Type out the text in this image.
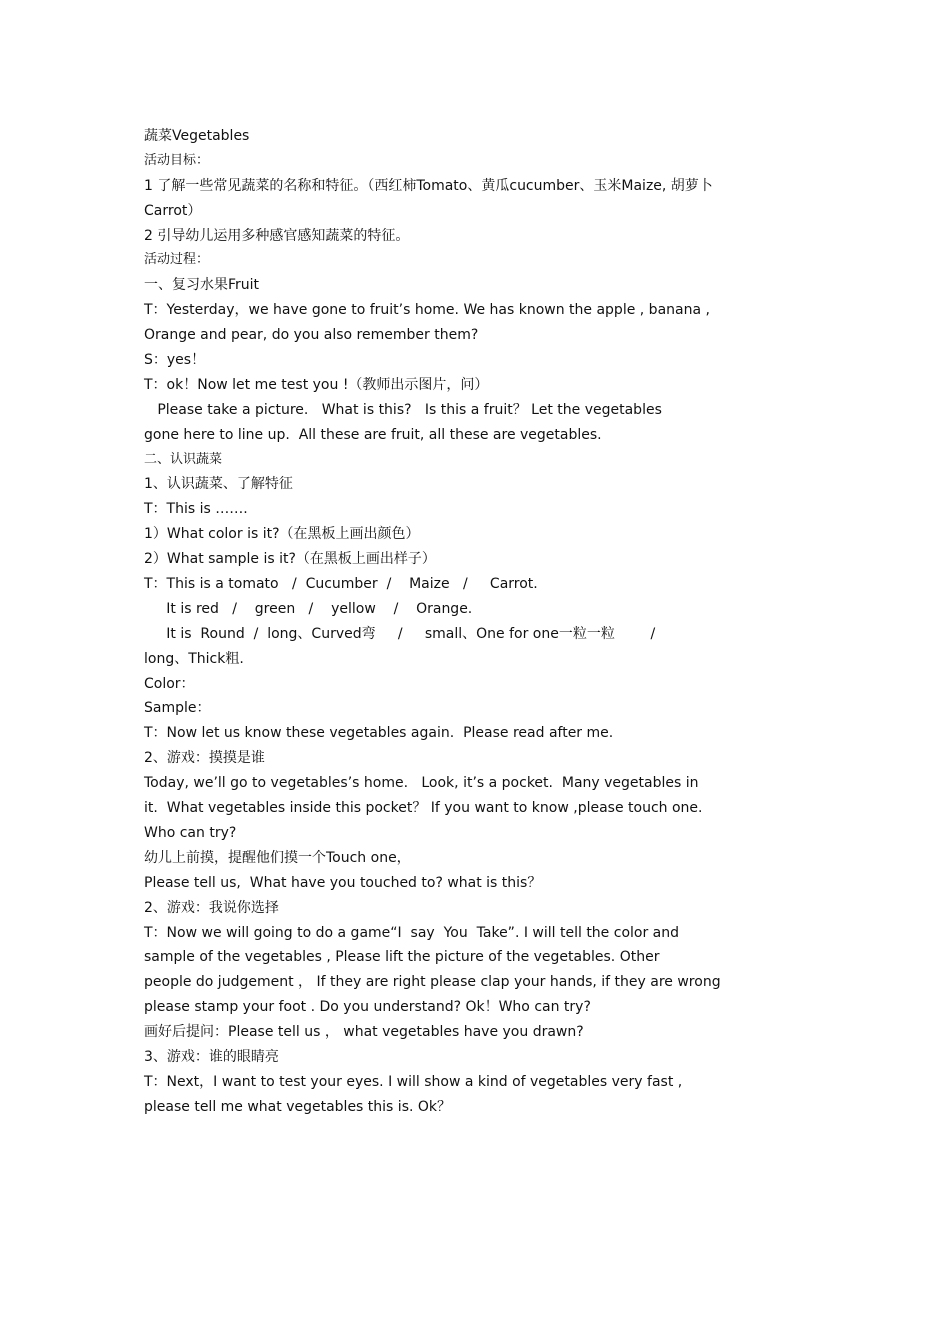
蔬菜Vegetables
活动目标：
1 了解一些常见蔬菜的名称和特征。（西红柿Tomato、黄瓜cucumber、玉米Maize, 胡萝卜
Carrot）
2 引导幼儿运用多种感官感知蔬菜的特征。
活动过程：
一、复习水果Fruit
T：Yesterday，we have gone to fruit’s home. We has known the apple , banana ,
Orange and pear, do you also remember them?
S：yes！
T：ok！Now let me test you !（教师出示图片，问）
Please take a picture.   What is this?   Is this a fruit？ Let the vegetables
gone here to line up.  All these are fruit, all these are vegetables.
二、认识蔬菜
1、认识蔬菜、了解特征
T：This is …….
1）What color is it?（在黑板上画出颜色）
2）What sample is it?（在黑板上画出样子）
T：This is a tomato   /  Cucumber  /    Maize   /     Carrot.
It is red   /    green   /    yellow    /    Orange.
It is  Round  /  long、Curved弯     /     small、One for one一粒一粒        /
long、Thick粗.
Color：
Sample：
T：Now let us know these vegetables again.  Please read after me.
2、游戏：摸摸是谁
Today, we’ll go to vegetables’s home.   Look, it’s a pocket.  Many vegetables in
it.  What vegetables inside this pocket？ If you want to know ,please touch one.
Who can try?
幼儿上前摸，提醒他们摸一个Touch one，
Please tell us,  What have you touched to? what is this？
2、游戏：我说你选择
T：Now we will going to do a game“I  say  You  Take”. I will tell the color and
sample of the vegetables , Please lift the picture of the vegetables. Other
people do judgement ， If they are right please clap your hands, if they are wrong
please stamp your foot . Do you understand? Ok！Who can try?
画好后提问：Please tell us ， what vegetables have you drawn?
3、游戏：谁的眼睛亮
T：Next，I want to test your eyes. I will show a kind of vegetables very fast ,
please tell me what vegetables this is. Ok？
